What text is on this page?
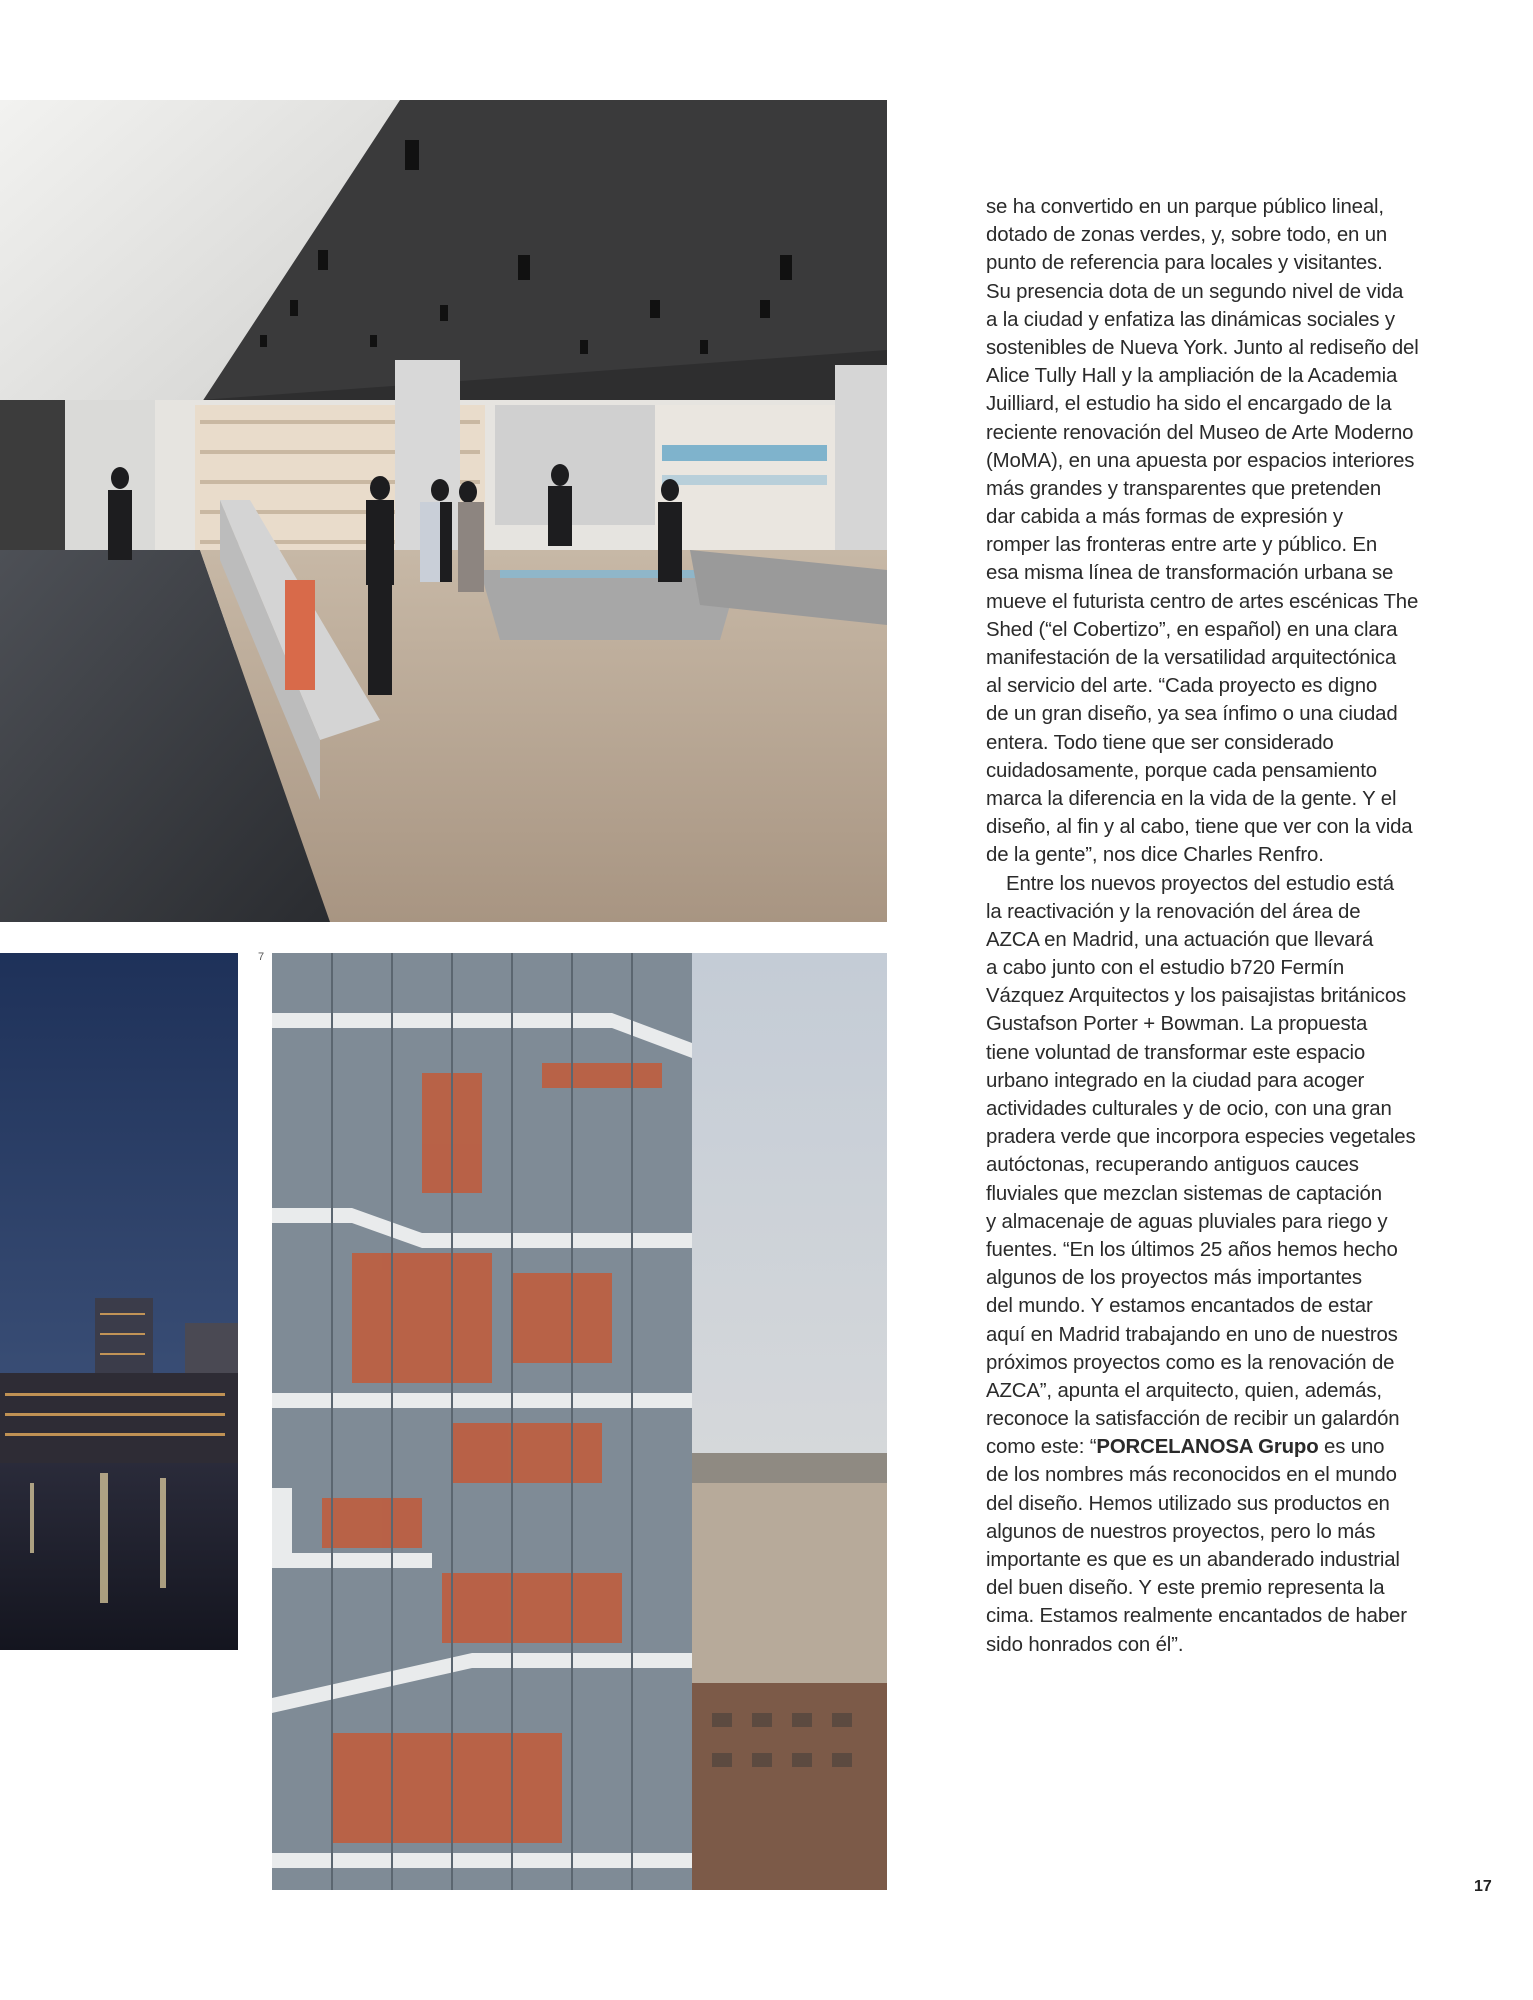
7
se ha convertido en un parque público lineal,
dotado de zonas verdes, y, sobre todo, en un
punto de referencia para locales y visitantes.
Su presencia dota de un segundo nivel de vida
a la ciudad y enfatiza las dinámicas sociales y
sostenibles de Nueva York. Junto al rediseño del
Alice Tully Hall y la ampliación de la Academia
Juilliard, el estudio ha sido el encargado de la
reciente renovación del Museo de Arte Moderno
(MoMA), en una apuesta por espacios interiores
más grandes y transparentes que pretenden
dar cabida a más formas de expresión y
romper las fronteras entre arte y público. En
esa misma línea de transformación urbana se
mueve el futurista centro de artes escénicas The
Shed (“el Cobertizo”, en español) en una clara
manifestación de la versatilidad arquitectónica
al servicio del arte. “Cada proyecto es digno
de un gran diseño, ya sea ínfimo o una ciudad
entera. Todo tiene que ser considerado
cuidadosamente, porque cada pensamiento
marca la diferencia en la vida de la gente. Y el
diseño, al fin y al cabo, tiene que ver con la vida
de la gente”, nos dice Charles Renfro.
Entre los nuevos proyectos del estudio está
la reactivación y la renovación del área de
AZCA en Madrid, una actuación que llevará
a cabo junto con el estudio b720 Fermín
Vázquez Arquitectos y los paisajistas británicos
Gustafson Porter + Bowman. La propuesta
tiene voluntad de transformar este espacio
urbano integrado en la ciudad para acoger
actividades culturales y de ocio, con una gran
pradera verde que incorpora especies vegetales
autóctonas, recuperando antiguos cauces
fluviales que mezclan sistemas de captación
y almacenaje de aguas pluviales para riego y
fuentes. “En los últimos 25 años hemos hecho
algunos de los proyectos más importantes
del mundo. Y estamos encantados de estar
aquí en Madrid trabajando en uno de nuestros
próximos proyectos como es la renovación de
AZCA”, apunta el arquitecto, quien, además,
reconoce la satisfacción de recibir un galardón
como este: “PORCELANOSA Grupo es uno
de los nombres más reconocidos en el mundo
del diseño. Hemos utilizado sus productos en
algunos de nuestros proyectos, pero lo más
importante es que es un abanderado industrial
del buen diseño. Y este premio representa la
cima. Estamos realmente encantados de haber
sido honrados con él”.
17
